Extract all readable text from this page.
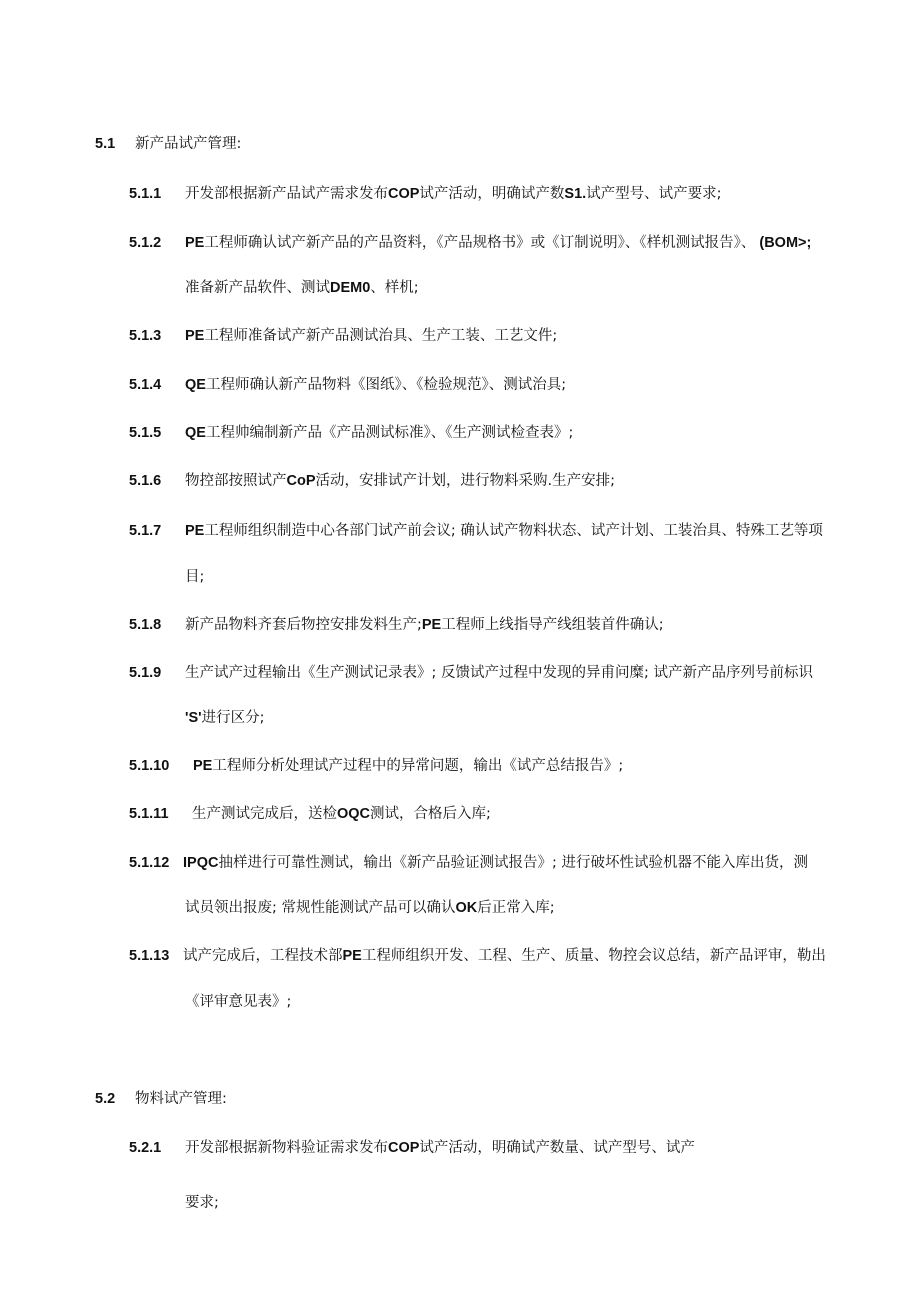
5.1	新产品试产管理:
5.1.1	开发部根据新产品试产需求发布COP试产活动，明确试产数S1.试产型号、试产要求;
5.1.2	PE工程师确认试产新产品的产品资料，《产品规格书》或《订制说明》、《样机测试报告》、 (BOM>;
准备新产品软件、测试DEM0、样机;
5.1.3	PE工程师准备试产新产品测试治具、生产工装、工艺文件;
5.1.4	QE工程师确认新产品物料《图纸》、《检验规范》、测试治具;
5.1.5	QE工程帅编制新产品《产品测试标准》、《生产测试检查表》;
5.1.6	物控部按照试产CoP活动，安排试产计划，进行物料采购.生产安排;
5.1.7	PE工程师组织制造中心各部门试产前会议; 确认试产物料状态、试产计划、工装治具、特殊工艺等项
目;
5.1.8	新产品物料齐套后物控安排发料生产;PE工程师上线指导产线组装首件确认;
5.1.9	生产试产过程输出《生产测试记录表》; 反馈试产过程中发现的异甫问糜; 试产新产品序列号前标识
'S'进行区分;
5.1.10	PE工程师分析处理试产过程中的异常问题，输出《试产总结报告》;
5.1.11	生产测试完成后，送检OQC测试，合格后入库;
5.1.12 IPQC抽样进行可靠性测试，输出《新产品验证测试报告》; 进行破坏性试验机器不能入库出货，测
试员领出报废; 常规性能测试产品可以确认OK后正常入库;
5.1.13 试产完成后，工程技术部PE工程师组织开发、工程、生产、质量、物控会议总结，新产品评审，勒出
《评审意见表》;
5.2	物料试产管理:
5.2.1	开发部根据新物料验证需求发布COP试产活动，明确试产数量、试产型号、试产
要求;
